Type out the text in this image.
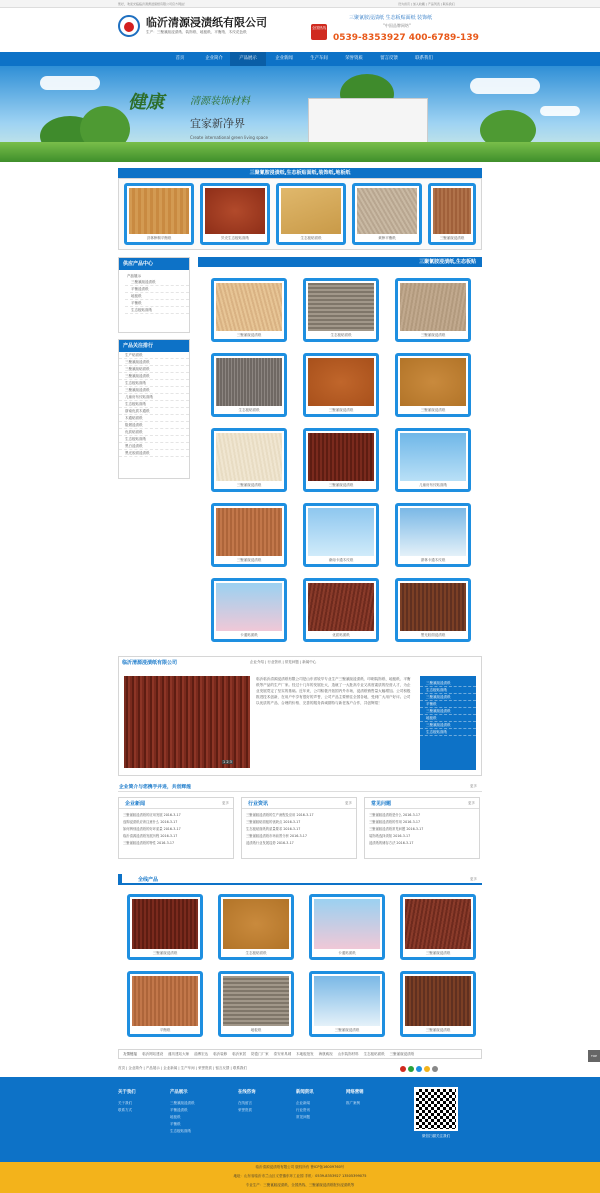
您好，欢迎光临临沂清源浸渍纸有限公司官方网站！	设为首页 | 加入收藏 | 产品列表 | 联系我们
临沂清源浸渍纸有限公司
生产：三聚氰胺浸渍纸、装饰纸、地板纸、平衡纸、木纹花色纸
全国热线
三聚氰胺浸渍纸 生态板贴面纸 装饰纸
"中国品牌网络"
0539-8353927 400-6789-139
首页	企业简介	产品展示	企业新闻	生产车间	荣誉资质	留言反馈	联系我们
健康	清源装饰材料
宜家新净界
Create international green living space
三聚氰胺浸渍纸,生态板贴面纸,装饰纸,地板纸
济林榉桐平衡纸	贝壳生态板贴面纸	生态板贴面纸	黄榉平衡纸	三聚氰胺浸渍纸
供应产品中心
产品展示
三聚氰胺浸渍纸
平衡浸渍纸
地板纸
平衡纸
生态板贴面纸
产品关注排行
生产贴面纸
三聚氰胺浸渍纸
三聚氰胺贴面纸
三聚氰胺浸渍纸
生态板贴面纸
三聚氰胺浸渍纸
儿童房布纹贴面纸
生态板贴面纸
浙南优质木通纸
木通贴面纸
阻燃浸渍纸
优质贴面纸
生态板贴面纸
黑白浸渍纸
黑光胶面浸渍纸
三聚氰胺浸渍纸,生态板贴
三聚氰胺浸渍纸	生态板贴面纸	三聚氰胺浸渍纸
生态板贴面纸	三聚氰胺浸渍纸	三聚氰胺浸渍纸
三聚氰胺浸渍纸	三聚氰胺浸渍纸	儿童房布纹贴面纸
三聚氰胺浸渍纸	渐南卡通木纹纸	浙林卡通木纹纸
卡通贴面纸	优质贴面纸	黑光胶面浸渍纸
临沂清源浸渍纸有限公司	企业介绍 | 行业资讯 | 常见问题 | 新闻中心
1 2 3
临沂临沂清源浸渍纸有限公司是山东省较早专业生产三聚氰胺浸渍纸、印刷装饰纸、地板纸、平衡纸等产品的生产厂家。经过十几年的发展壮大，造就了一大批高专业又高度素质的经营人才，为企业发展奠定了坚实的基础。近年来，公司积极开拓国内外市场，浸渍纸销售量大幅增加。公司积极推进技术创新，在用户中享有很好的声誉，公司产品主要销往全国各地，受到广大用户好评。公司以优质的产品、合理的价格、完善的服务真诚期待与新老客户合作，共创辉煌！
三聚氰胺浸渍纸
生态板贴面纸
三聚氰胺浸渍纸
平衡纸
三聚氰胺浸渍纸
地板纸
三聚氰胺浸渍纸
生态板贴面纸
企业简介与您携手并进，共创辉煌	更多
企业新闻	更多
三聚氰胺浸渍纸的应用发展 2016-3-17
选购浸渍纸应该注意什么 2016-3-17
如何辨别浸渍纸的好坏质量 2016-3-17
临沂清源浸渍纸发展历程 2016-3-17
三聚氰胺浸渍纸的特性 2016-3-17
行业资讯	更多
三聚氰胺浸渍纸的生产流程及应用 2016-3-17
三聚氰胺贴面板的优缺点 2016-3-17
生态板贴面纸的质量要求 2016-3-17
三聚氰胺浸渍纸市场前景分析 2016-3-17
浸渍纸行业发展趋势 2016-3-17
常见问题	更多
三聚氰胺浸渍纸是什么 2016-3-17
三聚氰胺浸渍纸的作用 2016-3-17
三聚氰胺浸渍纸常见问题 2016-3-17
装饰纸选择须知 2016-3-17
浸渍纸的储存方法 2016-3-17
全线产品	更多
三聚氰胺浸渍纸	生态板贴面纸	卡通贴面纸	三聚氰胺浸渍纸
平衡纸	地板纸	三聚氰胺浸渍纸	三聚氰胺浸渍纸
友情链接 临沂网站建设 潍坊建站大师 淄博宏达 临沂装修 临沂家居 防盗门厂家 泰安家具城 木地板批发 海康威视 山东装饰材料 生态板贴面纸 三聚氰胺浸渍纸
首页 | 企业简介 | 产品展示 | 企业新闻 | 生产车间 | 荣誉资质 | 留言反馈 | 联系我们
TOP
关于我们
关于我们
联系方式
产品展示
三聚氰胺浸渍纸
平衡浸渍纸
地板纸
平衡纸
生态板贴面纸
在线咨询
在线留言
荣誉资质
新闻资讯
企业新闻
行业资讯
常见问题
网络营销
推广案例
微信扫描关注我们
临沂清源浸渍纸有限公司 版权所有 鲁ICP备16009760号
地址：山东省临沂市兰山区义堂镇东环工业园 手机：0539-8353927 13505399075
专业生产：三聚氰胺浸渍纸、全国热线、三聚氰胺浸渍纸报价浸渍纸等
